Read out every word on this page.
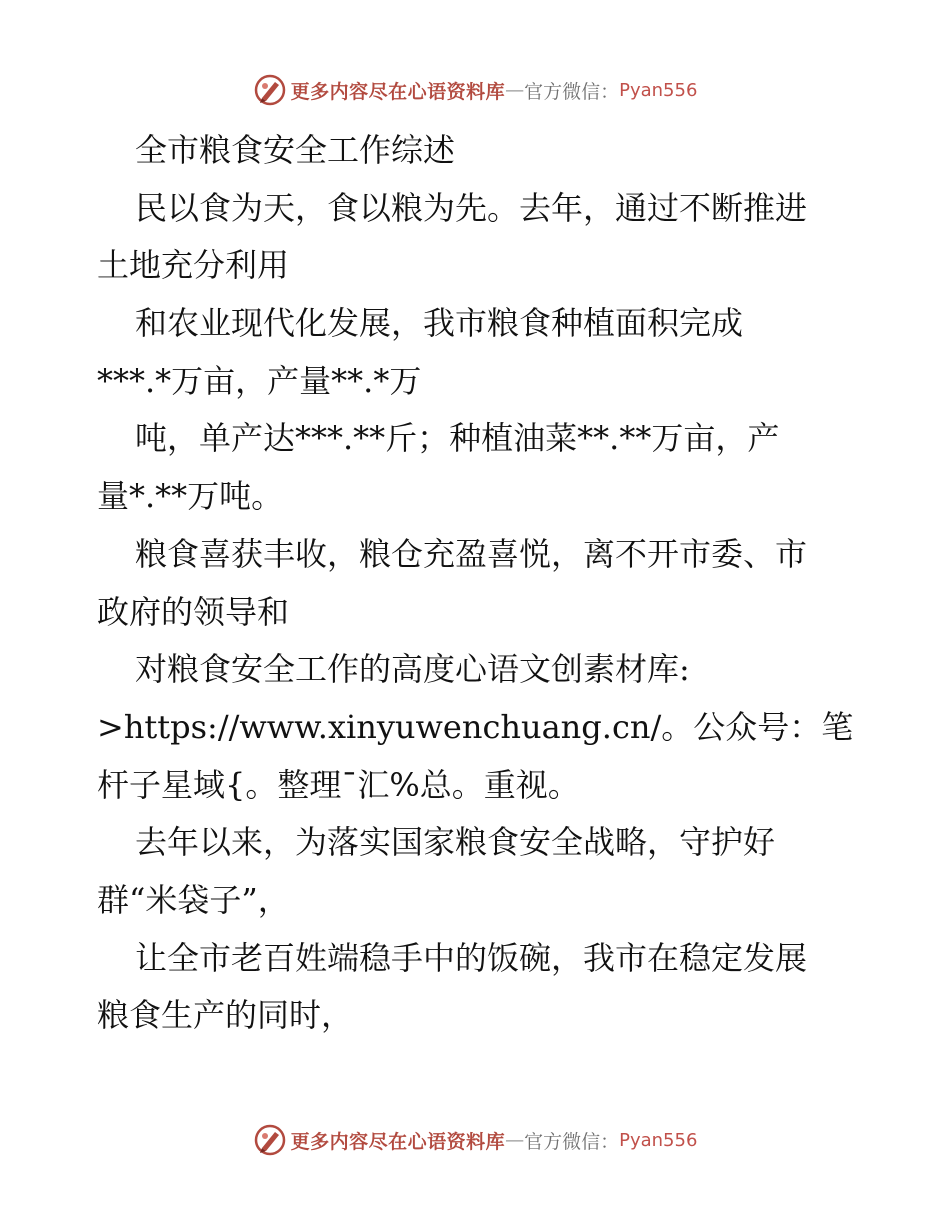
更多内容尽在心语资料库 — 官方微信： Pyan556
全市粮食安全工作综述
民以食为天，食以粮为先。去年，通过不断推进
土地充分利用
和农业现代化发展，我市粮食种植面积完成
***.*万亩，产量**.*万
吨，单产达***.**斤；种植油菜**.**万亩，产
量*.**万吨。
粮食喜获丰收，粮仓充盈喜悦，离不开市委、市
政府的领导和
对粮食安全工作的高度心语文创素材库:
>https://www.xinyuwenchuang.cn/。公众号：笔
杆子星域{。整理¯汇%总。重视。
去年以来，为落实国家粮食安全战略，守护好
群“米袋子”，
让全市老百姓端稳手中的饭碗，我市在稳定发展
粮食生产的同时，
更多内容尽在心语资料库 — 官方微信： Pyan556
